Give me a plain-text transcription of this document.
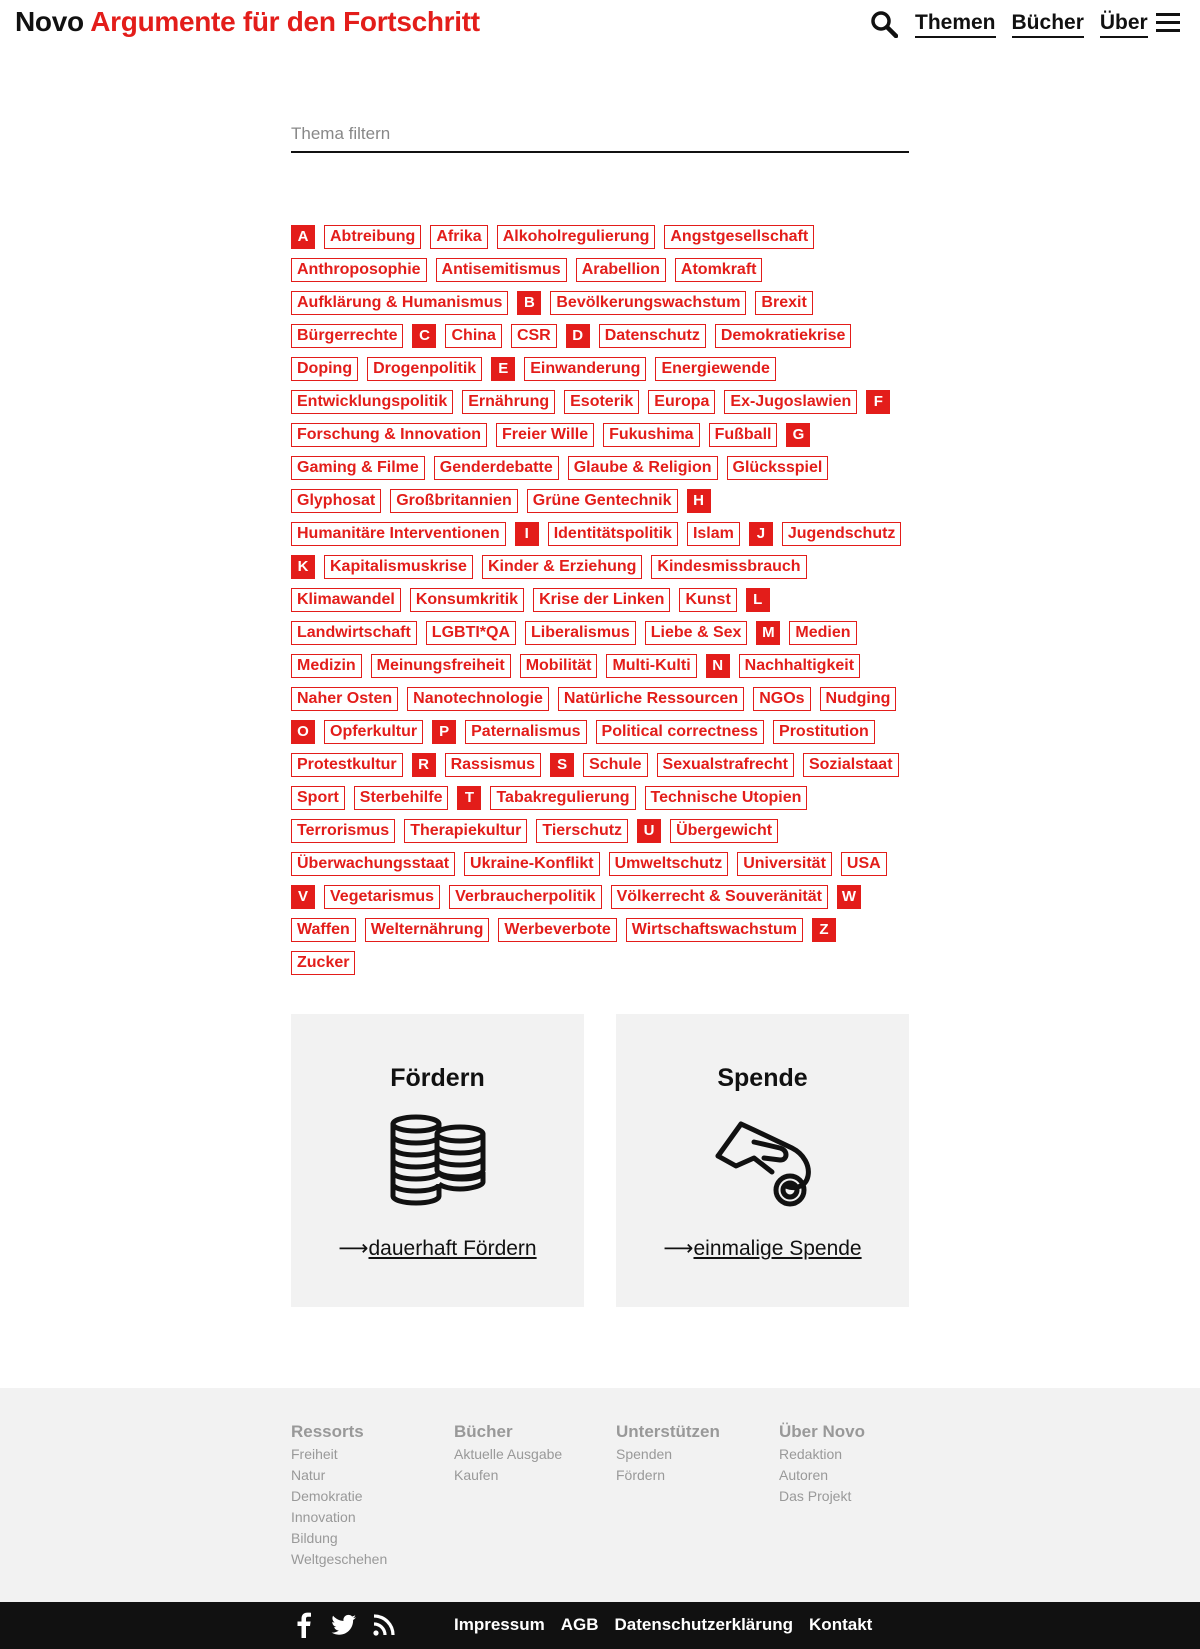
Novo Argumente für den Fortschritt	Themen Bücher Über
Thema filtern
A	Abtreibung	Afrika	Alkoholregulierung	Angstgesellschaft
Anthroposophie	Antisemitismus	Arabellion	Atomkraft
Aufklärung & Humanismus	B	Bevölkerungswachstum	Brexit
Bürgerrechte	C	China	CSR	D	Datenschutz	Demokratiekrise
Doping	Drogenpolitik	E	Einwanderung	Energiewende
Entwicklungspolitik	Ernährung	Esoterik	Europa	Ex-Jugoslawien	F
Forschung & Innovation	Freier Wille	Fukushima	Fußball	G
Gaming & Filme	Genderdebatte	Glaube & Religion	Glücksspiel
Glyphosat	Großbritannien	Grüne Gentechnik	H
Humanitäre Interventionen	I	Identitätspolitik	Islam	J	Jugendschutz
K	Kapitalismuskrise	Kinder & Erziehung	Kindesmissbrauch
Klimawandel	Konsumkritik	Krise der Linken	Kunst	L
Landwirtschaft	LGBTI*QA	Liberalismus	Liebe & Sex	M	Medien
Medizin	Meinungsfreiheit	Mobilität	Multi-Kulti	N	Nachhaltigkeit
Naher Osten	Nanotechnologie	Natürliche Ressourcen	NGOs	Nudging
O	Opferkultur	P	Paternalismus	Political correctness	Prostitution
Protestkultur	R	Rassismus	S	Schule	Sexualstrafrecht	Sozialstaat
Sport	Sterbehilfe	T	Tabakregulierung	Technische Utopien
Terrorismus	Therapiekultur	Tierschutz	U	Übergewicht
Überwachungsstaat	Ukraine-Konflikt	Umweltschutz	Universität	USA
V	Vegetarismus	Verbraucherpolitik	Völkerrecht & Souveränität	W
Waffen	Welternährung	Werbeverbote	Wirtschaftswachstum	Z
Zucker
Fördern
⟶dauerhaft Fördern
Spende
⟶einmalige Spende
Ressorts
Freiheit
Natur
Demokratie
Innovation
Bildung
Weltgeschehen
Bücher
Aktuelle Ausgabe
Kaufen
Unterstützen
Spenden
Fördern
Über Novo
Redaktion
Autoren
Das Projekt
Impressum AGB Datenschutzerklärung Kontakt
